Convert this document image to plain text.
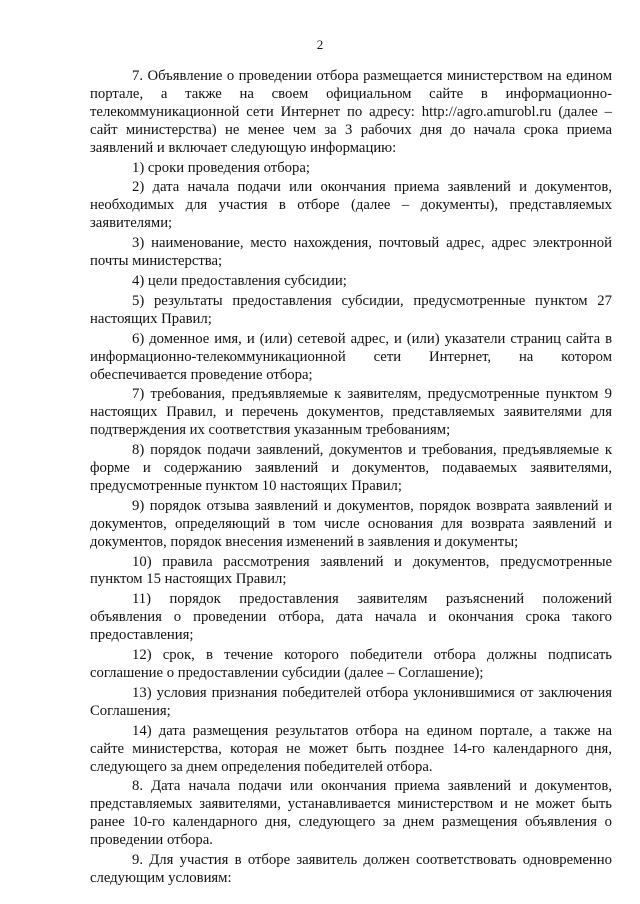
2

7. Объявление о проведении отбора размещается министерством на едином портале, а также на своем официальном сайте в информационно-телекоммуникационной сети Интернет по адресу: http://agro.amurobl.ru (далее – сайт министерства) не менее чем за 3 рабочих дня до начала срока приема заявлений и включает следующую информацию:

1) сроки проведения отбора;

2) дата начала подачи или окончания приема заявлений и документов, необходимых для участия в отборе (далее – документы), представляемых заявителями;

3) наименование, место нахождения, почтовый адрес, адрес электронной почты министерства;

4) цели предоставления субсидии;

5) результаты предоставления субсидии, предусмотренные пунктом 27 настоящих Правил;

6) доменное имя, и (или) сетевой адрес, и (или) указатели страниц сайта в информационно-телекоммуникационной сети Интернет, на котором обеспечивается проведение отбора;

7) требования, предъявляемые к заявителям, предусмотренные пунктом 9 настоящих Правил, и перечень документов, представляемых заявителями для подтверждения их соответствия указанным требованиям;

8) порядок подачи заявлений, документов и требования, предъявляемые к форме и содержанию заявлений и документов, подаваемых заявителями, предусмотренные пунктом 10 настоящих Правил;

9) порядок отзыва заявлений и документов, порядок возврата заявлений и документов, определяющий в том числе основания для возврата заявлений и документов, порядок внесения изменений в заявления и документы;

10) правила рассмотрения заявлений и документов, предусмотренные пунктом 15 настоящих Правил;

11) порядок предоставления заявителям разъяснений положений объявления о проведении отбора, дата начала и окончания срока такого предоставления;

12) срок, в течение которого победители отбора должны подписать соглашение о предоставлении субсидии (далее – Соглашение);

13) условия признания победителей отбора уклонившимися от заключения Соглашения;

14) дата размещения результатов отбора на едином портале, а также на сайте министерства, которая не может быть позднее 14-го календарного дня, следующего за днем определения победителей отбора.

8. Дата начала подачи или окончания приема заявлений и документов, представляемых заявителями, устанавливается министерством и не может быть ранее 10-го календарного дня, следующего за днем размещения объявления о проведении отбора.

9. Для участия в отборе заявитель должен соответствовать одновременно следующим условиям:
